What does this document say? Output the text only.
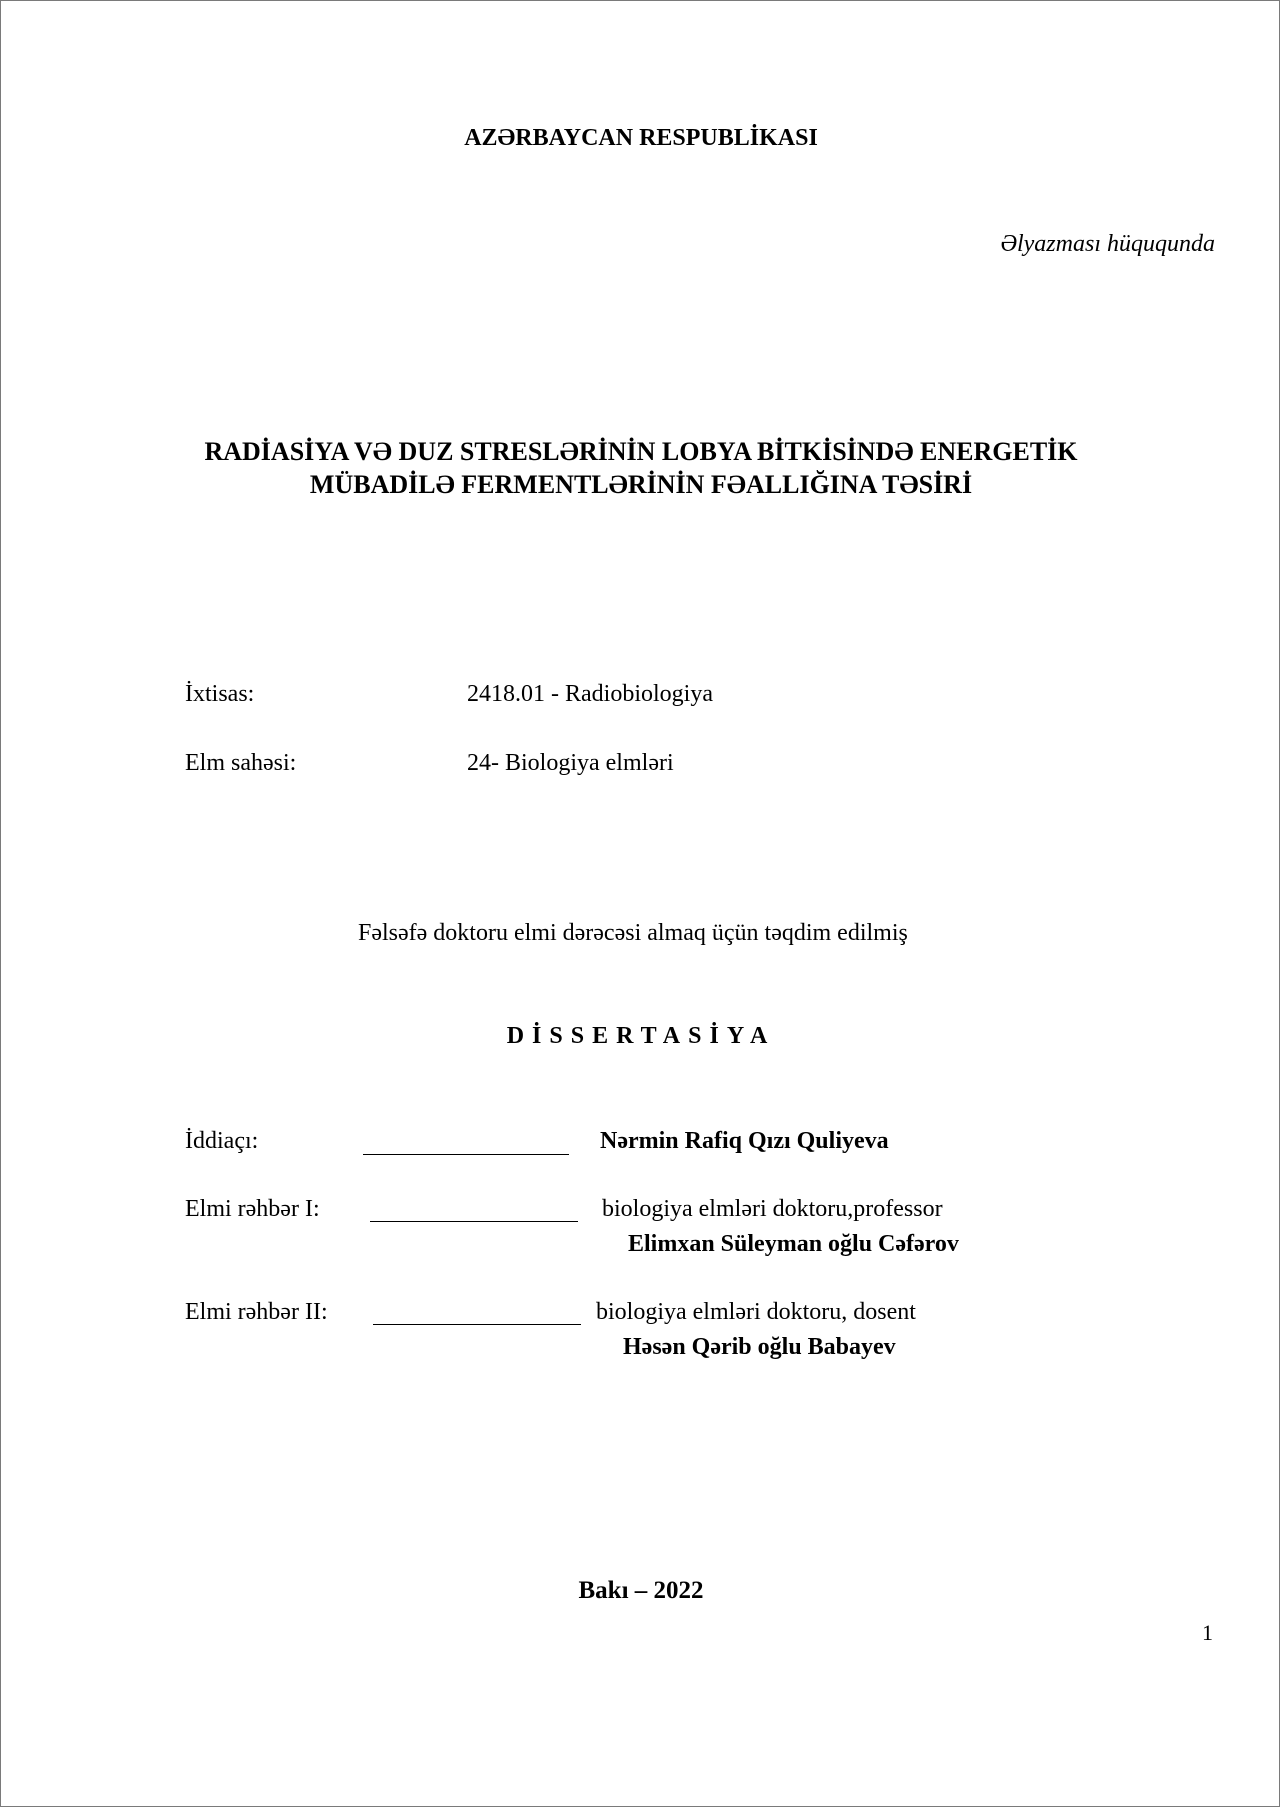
AZƏRBAYCAN RESPUBLİKASI
Əlyazması hüququnda
RADİASİYA VƏ DUZ STRESLƏRİNİN LOBYA BİTKİSİNDƏ ENERGETİK
MÜBADİLƏ FERMENTLƏRİNİN FƏALLIĞINA TƏSİRİ
İxtisas:	2418.01 - Radiobiologiya
Elm sahəsi:	24- Biologiya elmləri
Fəlsəfə doktoru elmi dərəcəsi almaq üçün təqdim edilmiş
DİSSERTASİYA
İddiaçı:	Nərmin Rafiq Qızı Quliyeva
Elmi rəhbər I:	biologiya elmləri doktoru,professor
Elimxan Süleyman oğlu Cəfərov
Elmi rəhbər II:	biologiya elmləri doktoru, dosent
Həsən Qərib oğlu Babayev
Bakı – 2022
1
